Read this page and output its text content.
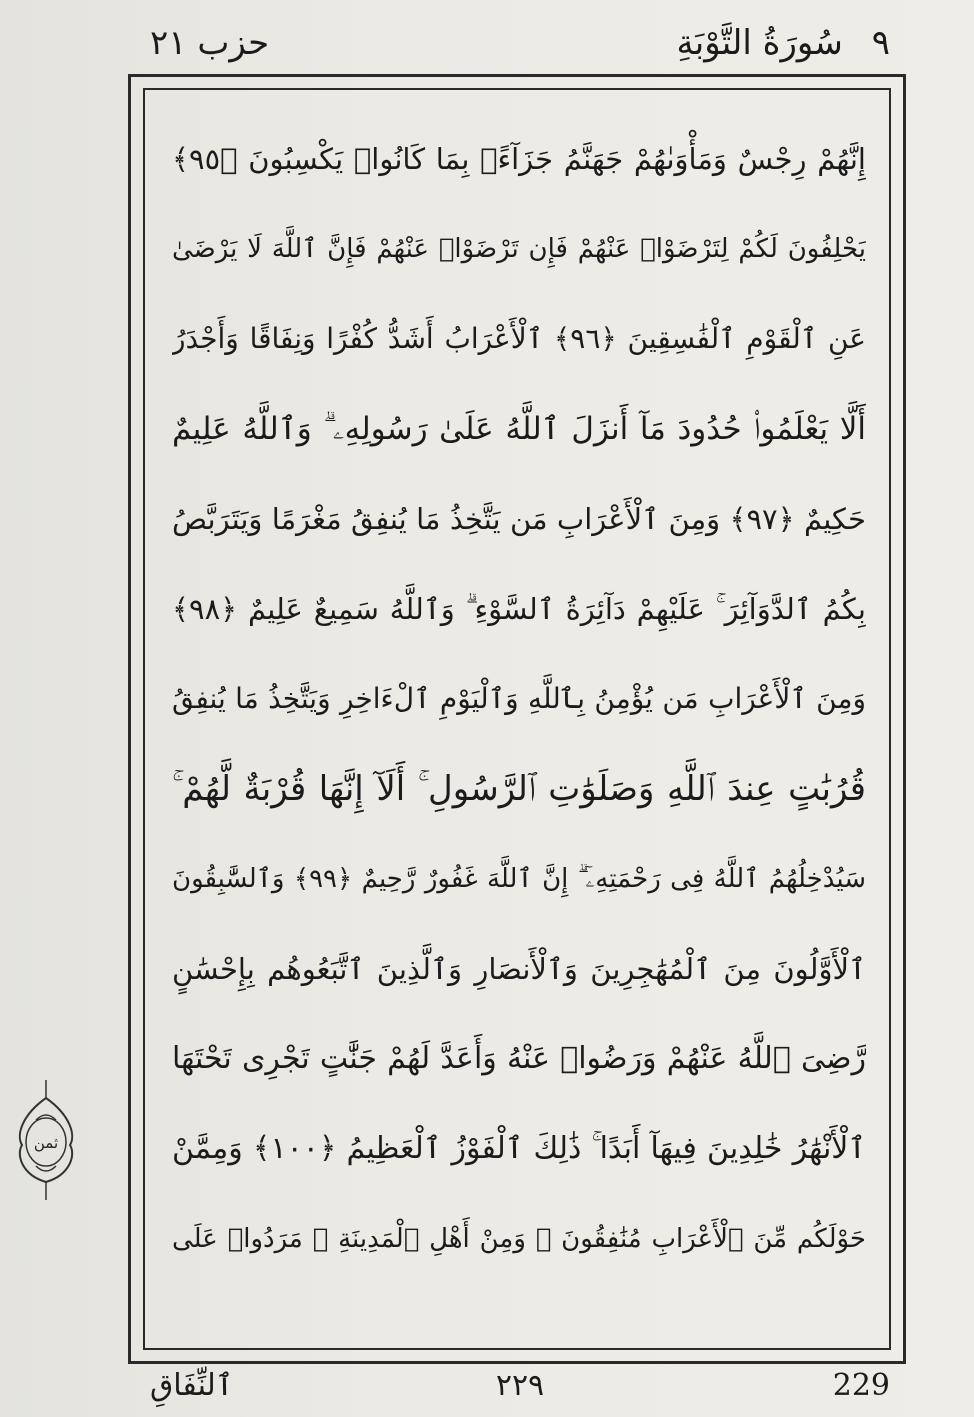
٩ سُورَةُ التَّوْبَةِ
حزب ٢١
إِنَّهُمْ رِجْسٌ وَمَأْوَىٰهُمْ جَهَنَّمُ جَزَآءًۢ بِمَا كَانُوا۟ يَكْسِبُونَ ﴿٩٥﴾
يَحْلِفُونَ لَكُمْ لِتَرْضَوْا۟ عَنْهُمْ فَإِن تَرْضَوْا۟ عَنْهُمْ فَإِنَّ ٱللَّهَ لَا يَرْضَىٰ
عَنِ ٱلْقَوْمِ ٱلْفَٰسِقِينَ ﴿٩٦﴾ ٱلْأَعْرَابُ أَشَدُّ كُفْرًا وَنِفَاقًا وَأَجْدَرُ
أَلَّا يَعْلَمُوا۟ حُدُودَ مَآ أَنزَلَ ٱللَّهُ عَلَىٰ رَسُولِهِۦ ۗ وَٱللَّهُ عَلِيمٌ
حَكِيمٌ ﴿٩٧﴾ وَمِنَ ٱلْأَعْرَابِ مَن يَتَّخِذُ مَا يُنفِقُ مَغْرَمًا وَيَتَرَبَّصُ
بِكُمُ ٱلدَّوَآئِرَ ۚ عَلَيْهِمْ دَآئِرَةُ ٱلسَّوْءِ ۗ وَٱللَّهُ سَمِيعٌ عَلِيمٌ ﴿٩٨﴾
وَمِنَ ٱلْأَعْرَابِ مَن يُؤْمِنُ بِٱللَّهِ وَٱلْيَوْمِ ٱلْءَاخِرِ وَيَتَّخِذُ مَا يُنفِقُ
قُرُبَٰتٍ عِندَ ٱللَّهِ وَصَلَوَٰتِ ٱلرَّسُولِ ۚ أَلَآ إِنَّهَا قُرْبَةٌ لَّهُمْ ۚ
سَيُدْخِلُهُمُ ٱللَّهُ فِى رَحْمَتِهِۦٓ ۗ إِنَّ ٱللَّهَ غَفُورٌ رَّحِيمٌ ﴿٩٩﴾ وَٱلسَّٰبِقُونَ
ٱلْأَوَّلُونَ مِنَ ٱلْمُهَٰجِرِينَ وَٱلْأَنصَارِ وَٱلَّذِينَ ٱتَّبَعُوهُم بِإِحْسَٰنٍ
رَّضِىَ ٱللَّهُ عَنْهُمْ وَرَضُوا۟ عَنْهُ وَأَعَدَّ لَهُمْ جَنَّٰتٍ تَجْرِى تَحْتَهَا
ٱلْأَنْهَٰرُ خَٰلِدِينَ فِيهَآ أَبَدًا ۚ ذَٰلِكَ ٱلْفَوْزُ ٱلْعَظِيمُ ﴿١٠٠﴾ وَمِمَّنْ
حَوْلَكُم مِّنَ ٱلْأَعْرَابِ مُنَٰفِقُونَ ۖ وَمِنْ أَهْلِ ٱلْمَدِينَةِ ۖ مَرَدُوا۟ عَلَى
ثمن
229
٢٢٩
ٱلنِّفَاقِ
